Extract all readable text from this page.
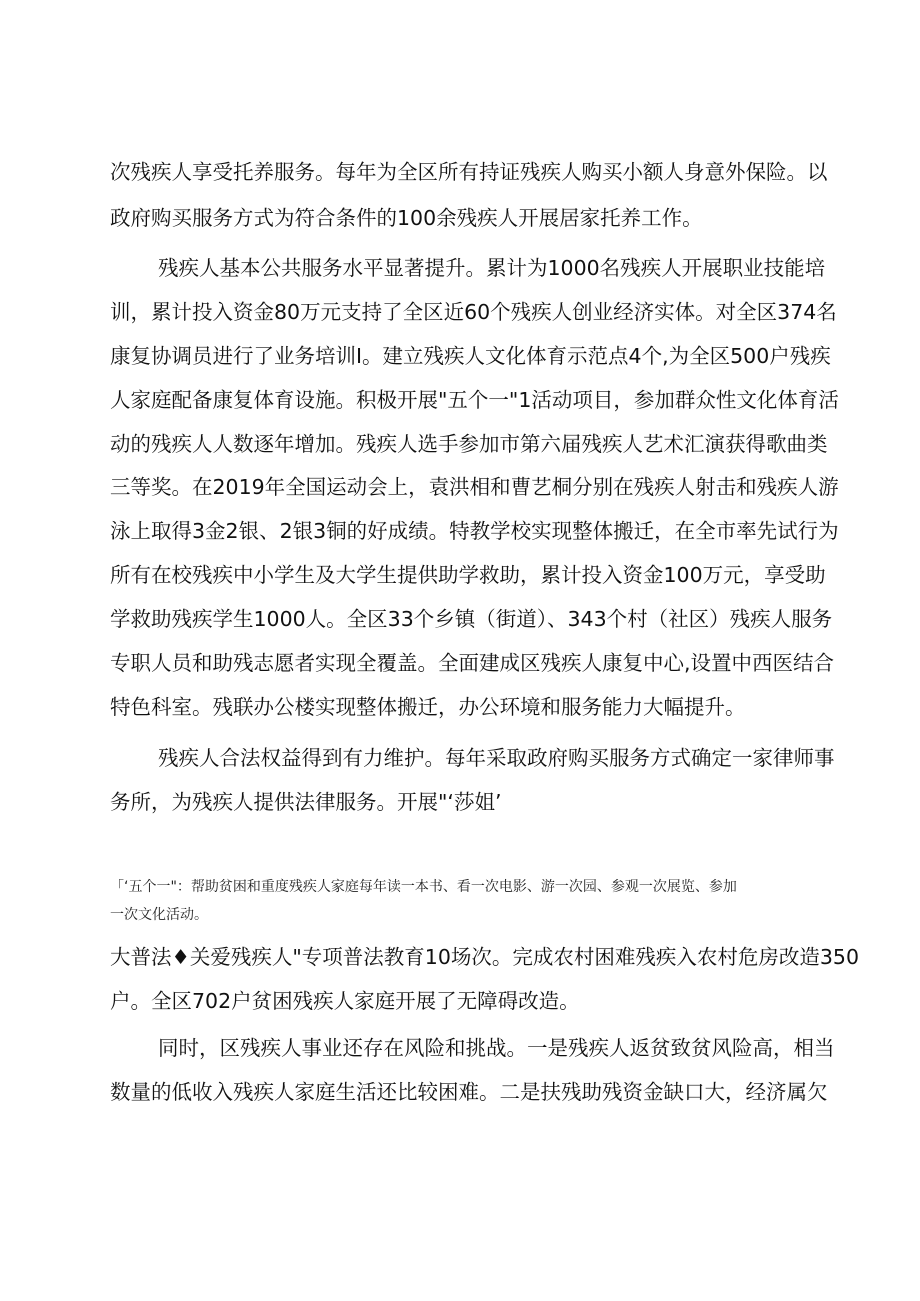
次残疾人享受托养服务。每年为全区所有持证残疾人购买小额人身意外保险。以
政府购买服务方式为符合条件的100余残疾人开展居家托养工作。
残疾人基本公共服务水平显著提升。累计为1000名残疾人开展职业技能培
训，累计投入资金80万元支持了全区近60个残疾人创业经济实体。对全区374名
康复协调员进行了业务培训I。建立残疾人文化体育示范点4个,为全区500户残疾
人家庭配备康复体育设施。积极开展"五个一"1活动项目，参加群众性文化体育活
动的残疾人人数逐年增加。残疾人选手参加市第六届残疾人艺术汇演获得歌曲类
三等奖。在2019年全国运动会上，袁洪相和曹艺桐分别在残疾人射击和残疾人游
泳上取得3金2银、2银3铜的好成绩。特教学校实现整体搬迁，在全市率先试行为
所有在校残疾中小学生及大学生提供助学救助，累计投入资金100万元，享受助
学救助残疾学生1000人。全区33个乡镇（街道）、343个村（社区）残疾人服务
专职人员和助残志愿者实现全覆盖。全面建成区残疾人康复中心,设置中西医结合
特色科室。残联办公楼实现整体搬迁，办公环境和服务能力大幅提升。
残疾人合法权益得到有力维护。每年采取政府购买服务方式确定一家律师事
务所，为残疾人提供法律服务。开展"‘莎姐’
「‘五个一"：帮助贫困和重度残疾人家庭每年读一本书、看一次电影、游一次园、参观一次展览、参加
一次文化活动。
大普法♦关爱残疾人"专项普法教育10场次。完成农村困难残疾入农村危房改造350
户。全区702户贫困残疾人家庭开展了无障碍改造。
同时，区残疾人事业还存在风险和挑战。一是残疾人返贫致贫风险高，相当
数量的低收入残疾人家庭生活还比较困难。二是扶残助残资金缺口大，经济属欠
